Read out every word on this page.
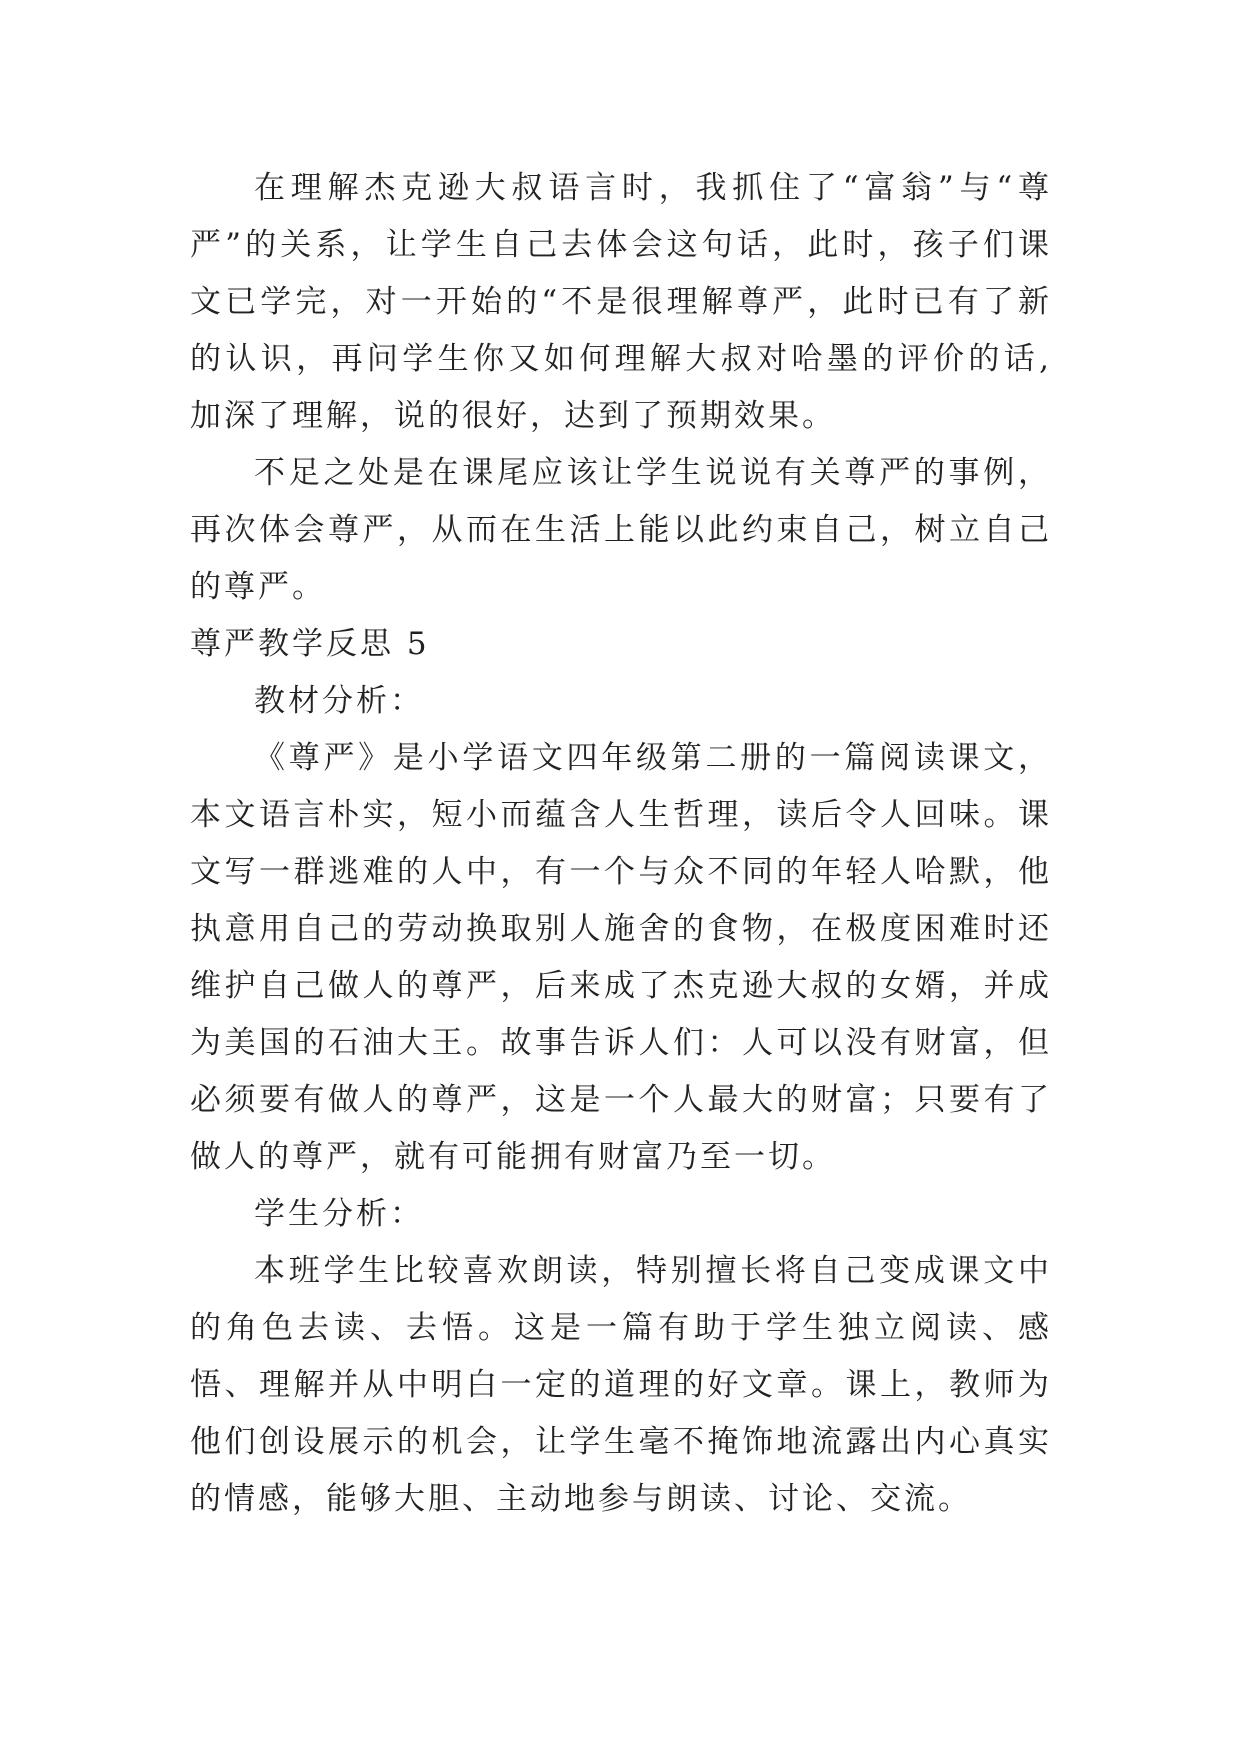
在理解杰克逊大叔语言时，我抓住了“富翁”与“尊严”的关系，让学生自己去体会这句话，此时，孩子们课文已学完，对一开始的“不是很理解尊严，此时已有了新的认识，再问学生你又如何理解大叔对哈墨的评价的话,加深了理解，说的很好，达到了预期效果。

不足之处是在课尾应该让学生说说有关尊严的事例，再次体会尊严，从而在生活上能以此约束自己，树立自己的尊严。

尊严教学反思 5

教材分析：

《尊严》是小学语文四年级第二册的一篇阅读课文，本文语言朴实，短小而蕴含人生哲理，读后令人回味。课文写一群逃难的人中，有一个与众不同的年轻人哈默，他执意用自己的劳动换取别人施舍的食物，在极度困难时还维护自己做人的尊严，后来成了杰克逊大叔的女婿，并成为美国的石油大王。故事告诉人们：人可以没有财富，但必须要有做人的尊严，这是一个人最大的财富；只要有了做人的尊严，就有可能拥有财富乃至一切。

学生分析：

本班学生比较喜欢朗读，特别擅长将自己变成课文中的角色去读、去悟。这是一篇有助于学生独立阅读、感悟、理解并从中明白一定的道理的好文章。课上，教师为他们创设展示的机会，让学生毫不掩饰地流露出内心真实的情感，能够大胆、主动地参与朗读、讨论、交流。
